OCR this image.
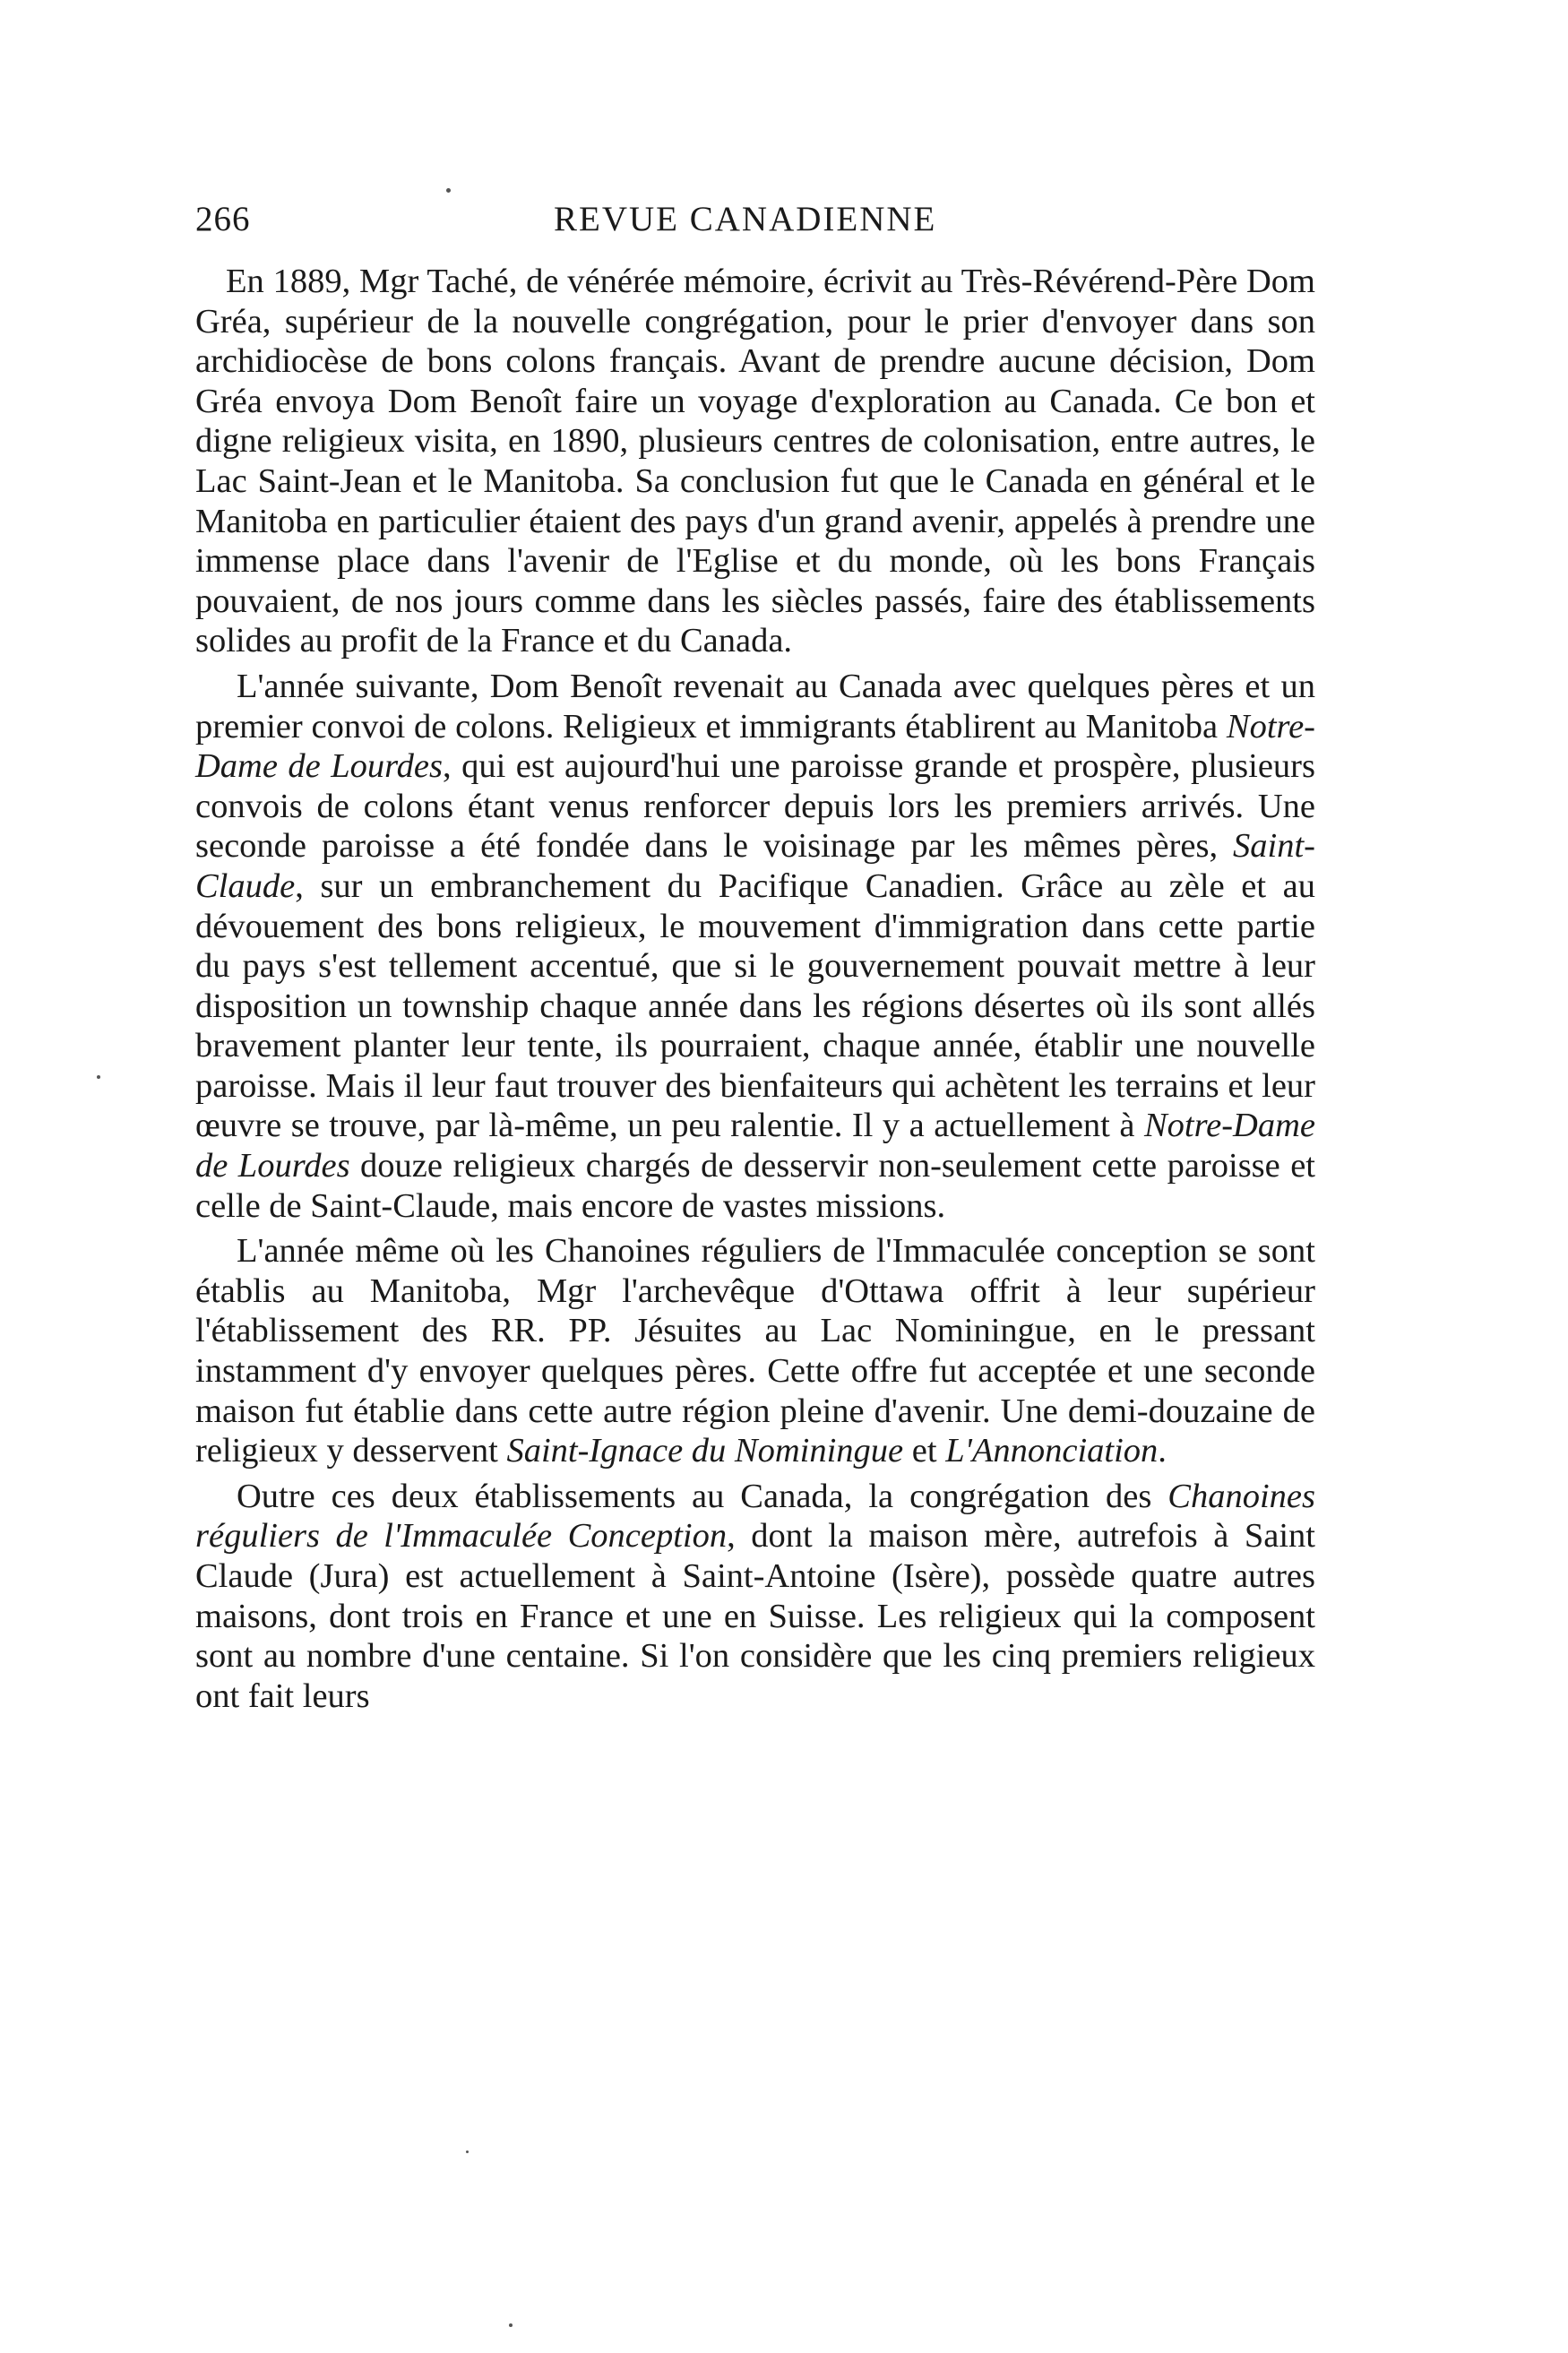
266	REVUE CANADIENNE

En 1889, Mgr Taché, de vénérée mémoire, écrivit au Très-Révérend-Père Dom Gréa, supérieur de la nouvelle congrégation, pour le prier d'envoyer dans son archidiocèse de bons colons français. Avant de prendre aucune décision, Dom Gréa envoya Dom Benoît faire un voyage d'exploration au Canada. Ce bon et digne religieux visita, en 1890, plusieurs centres de colonisation, entre autres, le Lac Saint-Jean et le Manitoba. Sa conclusion fut que le Canada en général et le Manitoba en particulier étaient des pays d'un grand avenir, appelés à prendre une immense place dans l'avenir de l'Eglise et du monde, où les bons Français pouvaient, de nos jours comme dans les siècles passés, faire des établissements solides au profit de la France et du Canada.

L'année suivante, Dom Benoît revenait au Canada avec quelques pères et un premier convoi de colons. Religieux et immigrants établirent au Manitoba Notre-Dame de Lourdes, qui est aujourd'hui une paroisse grande et prospère, plusieurs convois de colons étant venus renforcer depuis lors les premiers arrivés. Une seconde paroisse a été fondée dans le voisinage par les mêmes pères, Saint-Claude, sur un embranchement du Pacifique Canadien. Grâce au zèle et au dévouement des bons religieux, le mouvement d'immigration dans cette partie du pays s'est tellement accentué, que si le gouvernement pouvait mettre à leur disposition un township chaque année dans les régions désertes où ils sont allés bravement planter leur tente, ils pourraient, chaque année, établir une nouvelle paroisse. Mais il leur faut trouver des bienfaiteurs qui achètent les terrains et leur œuvre se trouve, par là-même, un peu ralentie. Il y a actuellement à Notre-Dame de Lourdes douze religieux chargés de desservir non-seulement cette paroisse et celle de Saint-Claude, mais encore de vastes missions.

L'année même où les Chanoines réguliers de l'Immaculée conception se sont établis au Manitoba, Mgr l'archevêque d'Ottawa offrit à leur supérieur l'établissement des RR. PP. Jésuites au Lac Nominingue, en le pressant instamment d'y envoyer quelques pères. Cette offre fut acceptée et une seconde maison fut établie dans cette autre région pleine d'avenir. Une demi-douzaine de religieux y desservent Saint-Ignace du Nominingue et L'Annonciation.

Outre ces deux établissements au Canada, la congrégation des Chanoines réguliers de l'Immaculée Conception, dont la maison mère, autrefois à Saint Claude (Jura) est actuellement à Saint-Antoine (Isère), possède quatre autres maisons, dont trois en France et une en Suisse. Les religieux qui la composent sont au nombre d'une centaine. Si l'on considère que les cinq premiers religieux ont fait leurs
